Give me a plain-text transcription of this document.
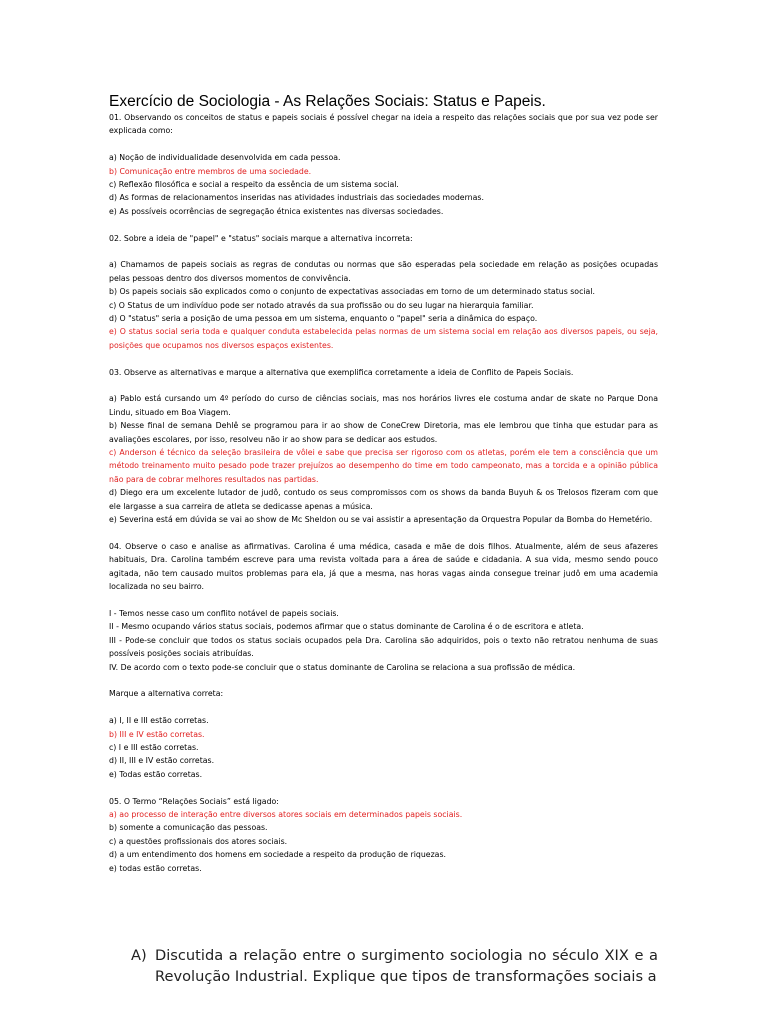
Exercício de Sociologia - As Relações Sociais: Status e Papeis.

01. Observando os conceitos de status e papeis sociais é possível chegar na ideia a respeito das relações sociais que por sua vez pode ser explicada como:

a) Noção de individualidade desenvolvida em cada pessoa.

b) Comunicação entre membros de uma sociedade.

c) Reflexão filosófica e social a respeito da essência de um sistema social.

d) As formas de relacionamentos inseridas nas atividades industriais das sociedades modernas.

e) As possíveis ocorrências de segregação étnica existentes nas diversas sociedades.

02. Sobre a ideia de "papel" e "status" sociais marque a alternativa incorreta:

a) Chamamos de papeis sociais as regras de condutas ou normas que são esperadas pela sociedade em relação as posições ocupadas pelas pessoas dentro dos diversos momentos de convivência.

b) Os papeis sociais são explicados como o conjunto de expectativas associadas em torno de um determinado status social.

c) O Status de um indivíduo pode ser notado através da sua profissão ou do seu lugar na hierarquia familiar.

d) O "status" seria a posição de uma pessoa em um sistema, enquanto o "papel" seria a dinâmica do espaço.

e) O status social seria toda e qualquer conduta estabelecida pelas normas de um sistema social em relação aos diversos papeis, ou seja, posições que ocupamos nos diversos espaços existentes.

03. Observe as alternativas e marque a alternativa que exemplifica corretamente a ideia de Conflito de Papeis Sociais.

a) Pablo está cursando um 4º período do curso de ciências sociais, mas nos horários livres ele costuma andar de skate no Parque Dona Lindu, situado em Boa Viagem.

b) Nesse final de semana Dehlê se programou para ir ao show de ConeCrew Diretoria, mas ele lembrou que tinha que estudar para as avaliações escolares, por isso, resolveu não ir ao show para se dedicar aos estudos.

c) Anderson é técnico da seleção brasileira de vôlei e sabe que precisa ser rigoroso com os atletas, porém ele tem a consciência que um método treinamento muito pesado pode trazer prejuízos ao desempenho do time em todo campeonato, mas a torcida e a opinião pública não para de cobrar melhores resultados nas partidas.

d) Diego era um excelente lutador de judô, contudo os seus compromissos com os shows da banda Buyuh & os Trelosos fizeram com que ele largasse a sua carreira de atleta se dedicasse apenas a música.

e) Severina está em dúvida se vai ao show de Mc Sheldon ou se vai assistir a apresentação da Orquestra Popular da Bomba do Hemetério.

04. Observe o caso e analise as afirmativas. Carolina é uma médica, casada e mãe de dois filhos. Atualmente, além de seus afazeres habituais, Dra. Carolina também escreve para uma revista voltada para a área de saúde e cidadania. A sua vida, mesmo sendo pouco agitada, não tem causado muitos problemas para ela, já que a mesma, nas horas vagas ainda consegue treinar judô em uma academia localizada no seu bairro.

I - Temos nesse caso um conflito notável de papeis sociais.

II - Mesmo ocupando vários status sociais, podemos afirmar que o status dominante de Carolina é o de escritora e atleta.

III - Pode-se concluir que todos os status sociais ocupados pela Dra. Carolina são adquiridos, pois o texto não retratou nenhuma de suas possíveis posições sociais atribuídas.

IV. De acordo com o texto pode-se concluir que o status dominante de Carolina se relaciona a sua profissão de médica.

Marque a alternativa correta:

a) I, II e III estão corretas.

b) III e IV estão corretas.

c) I e III estão corretas.

d) II, III e IV estão corretas.

e) Todas estão corretas.

05. O Termo “Relações Sociais” está ligado:

a) ao processo de interação entre diversos atores sociais em determinados papeis sociais.

b) somente a comunicação das pessoas.

c) a questões profissionais dos atores sociais.

d) a um entendimento dos homens em sociedade a respeito da produção de riquezas.

e) todas estão corretas.

A) Discutida a relação entre o surgimento sociologia no século XIX e a Revolução Industrial. Explique que tipos de transformações sociais a
